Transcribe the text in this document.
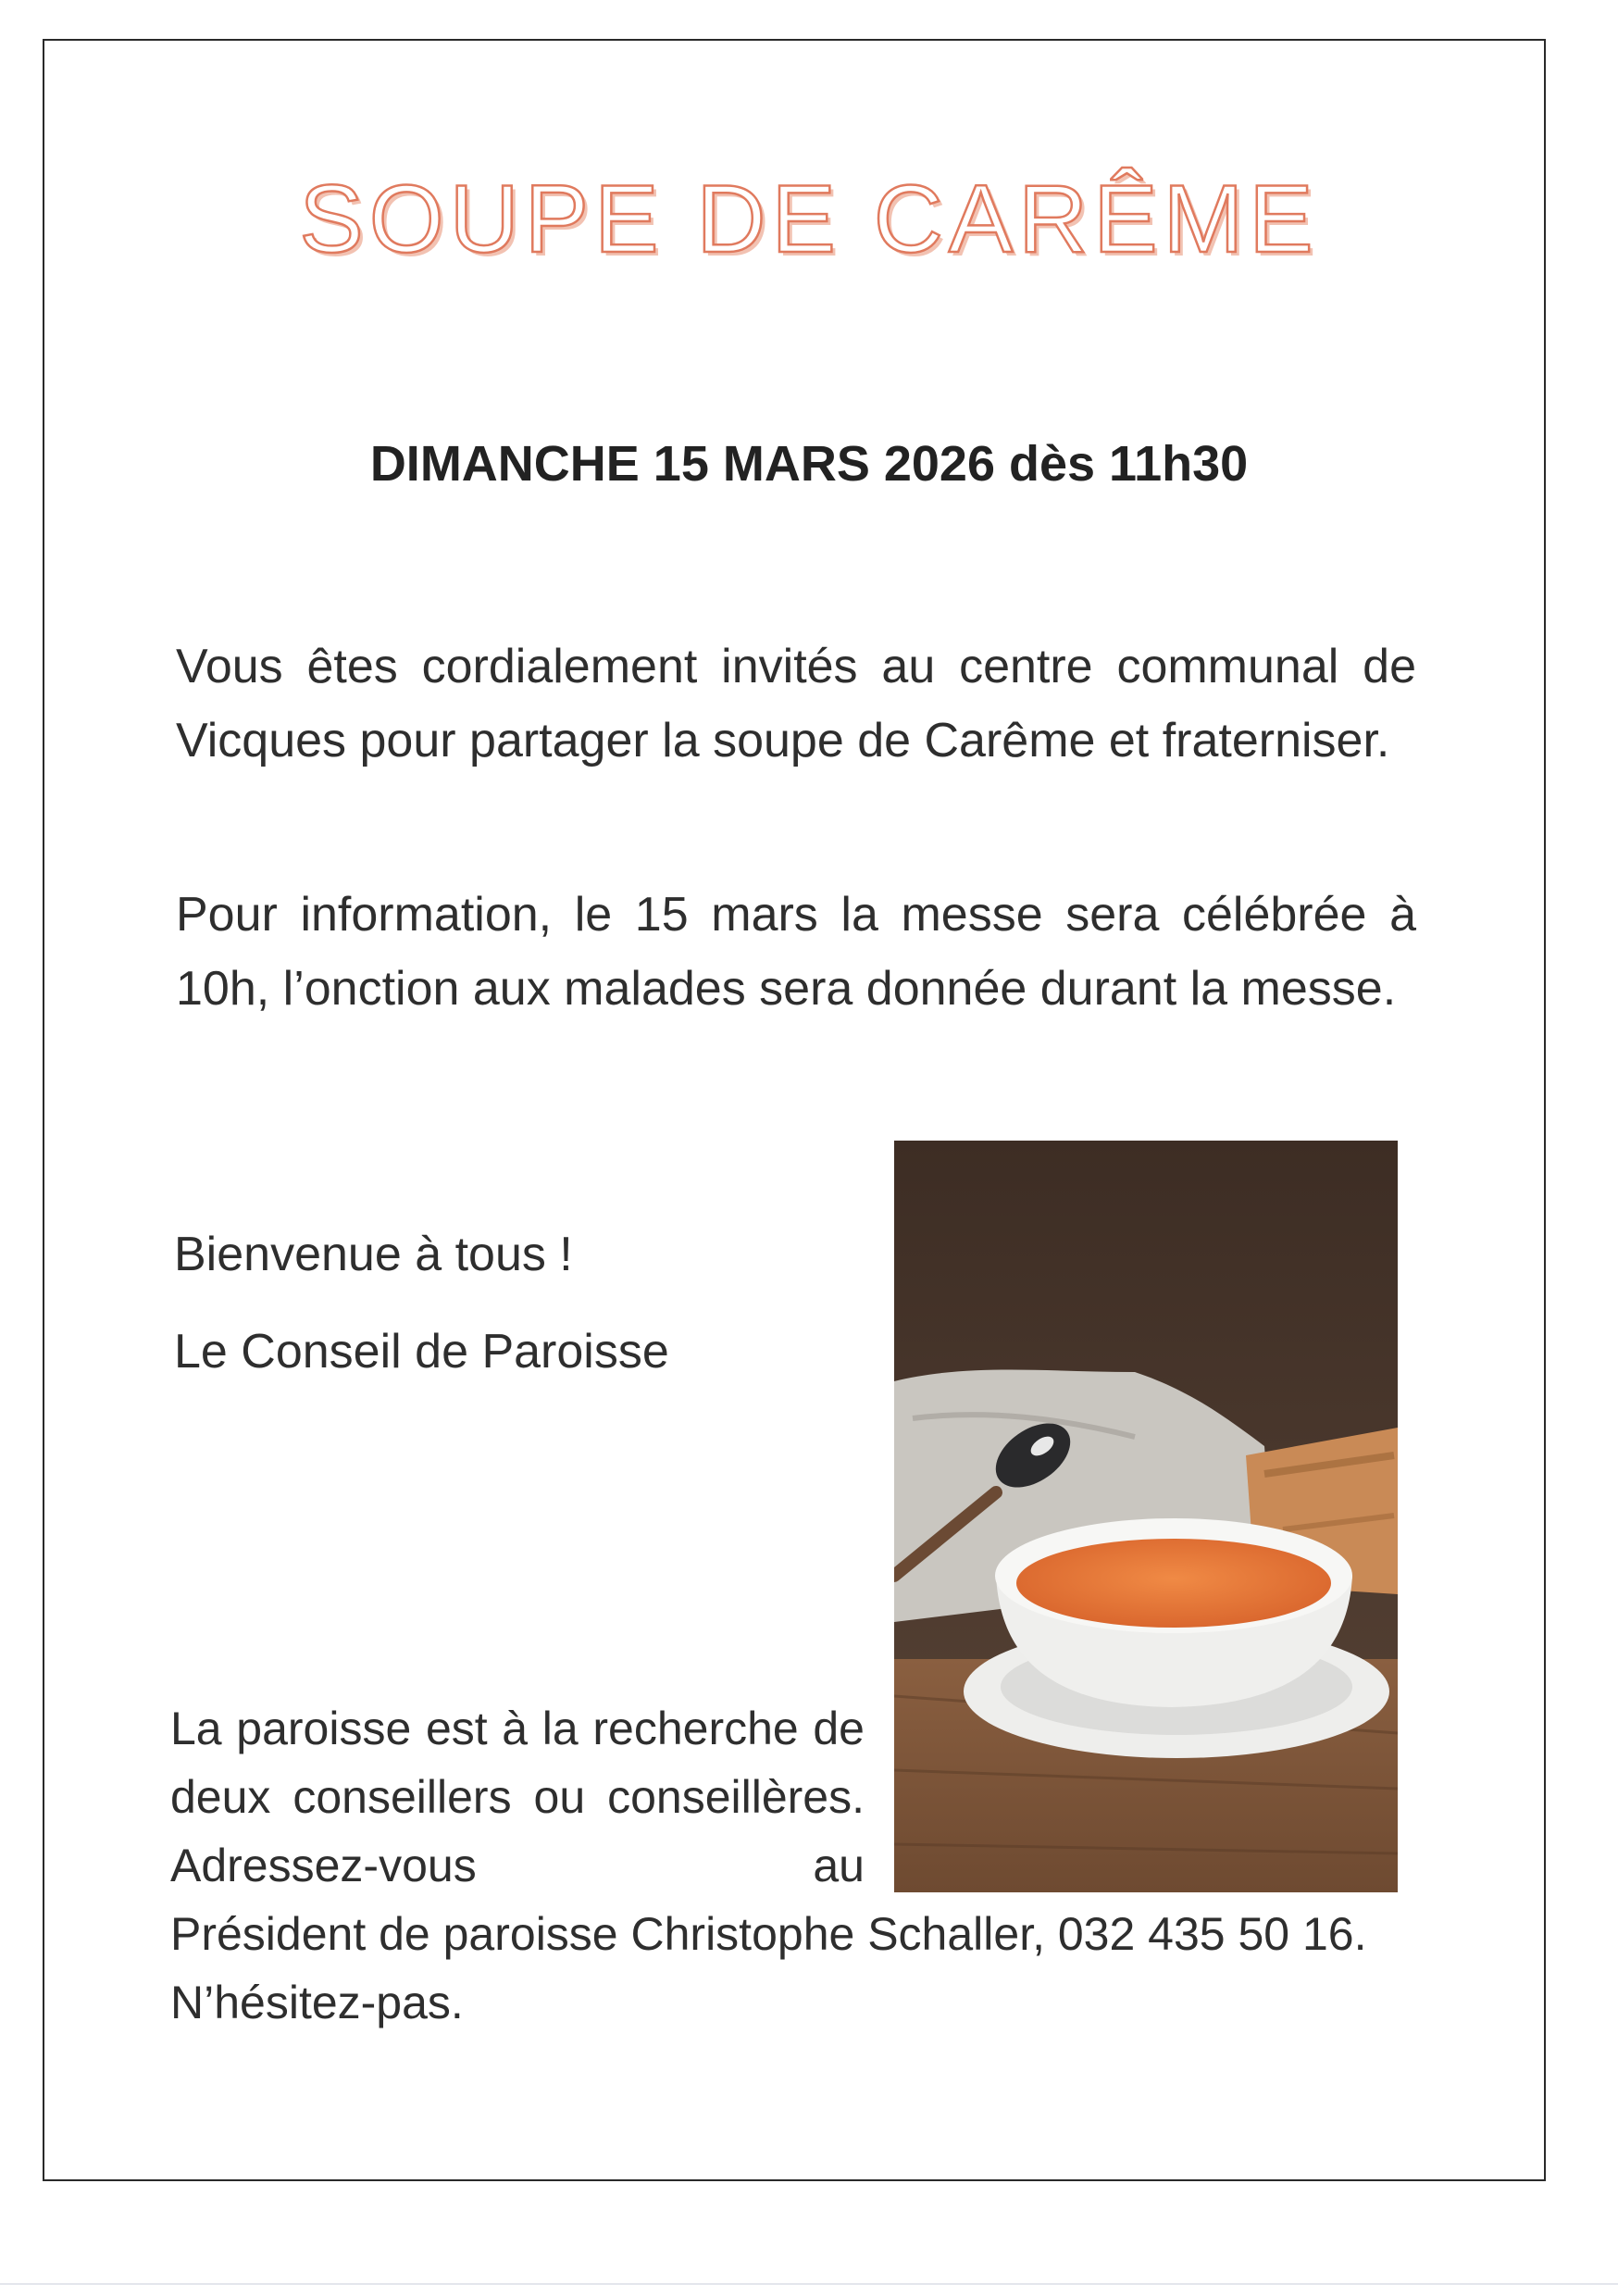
SOUPE DE CARÊME
DIMANCHE 15 MARS 2026 dès 11h30
Vous êtes cordialement invités au centre communal de Vicques pour partager la soupe de Carême et fraterniser.
Pour information, le 15 mars la messe sera célébrée à 10h, l’onction aux malades sera donnée durant la messe.
Bienvenue à tous !
Le Conseil de Paroisse
La paroisse est à la recherche de deux conseillers ou conseillères. Adressez-vous au
Président de paroisse Christophe Schaller, 032 435 50 16.
N’hésitez-pas.
